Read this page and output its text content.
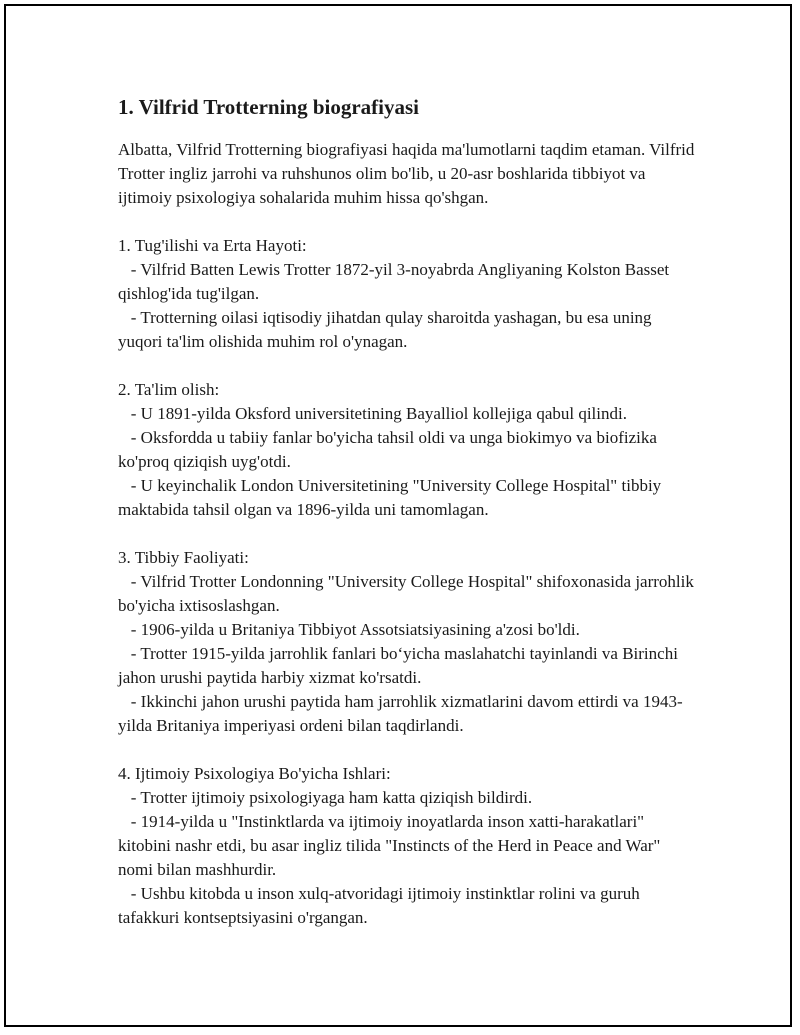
1. Vilfrid Trotterning biografiyasi
Albatta, Vilfrid Trotterning biografiyasi haqida ma'lumotlarni taqdim etaman. Vilfrid Trotter ingliz jarrohi va ruhshunos olim bo'lib, u 20-asr boshlarida tibbiyot va ijtimoiy psixologiya sohalarida muhim hissa qo'shgan.
1. Tug'ilishi va Erta Hayoti:
- Vilfrid Batten Lewis Trotter 1872-yil 3-noyabrda Angliyaning Kolston Basset qishlog'ida tug'ilgan.
- Trotterning oilasi iqtisodiy jihatdan qulay sharoitda yashagan, bu esa uning yuqori ta'lim olishida muhim rol o'ynagan.
2. Ta'lim olish:
- U 1891-yilda Oksford universitetining Bayalliol kollejiga qabul qilindi.
- Oksfordda u tabiiy fanlar bo'yicha tahsil oldi va unga biokimyo va biofizika ko'proq qiziqish uyg'otdi.
- U keyinchalik London Universitetining "University College Hospital" tibbiy maktabida tahsil olgan va 1896-yilda uni tamomlagan.
3. Tibbiy Faoliyati:
- Vilfrid Trotter Londonning "University College Hospital" shifoxonasida jarrohlik bo'yicha ixtisoslashgan.
- 1906-yilda u Britaniya Tibbiyot Assotsiatsiyasining a'zosi bo'ldi.
- Trotter 1915-yilda jarrohlik fanlari bo‘yicha maslahatchi tayinlandi va Birinchi jahon urushi paytida harbiy xizmat ko'rsatdi.
- Ikkinchi jahon urushi paytida ham jarrohlik xizmatlarini davom ettirdi va 1943-yilda Britaniya imperiyasi ordeni bilan taqdirlandi.
4. Ijtimoiy Psixologiya Bo'yicha Ishlari:
- Trotter ijtimoiy psixologiyaga ham katta qiziqish bildirdi.
- 1914-yilda u "Instinktlarda va ijtimoiy inoyatlarda inson xatti-harakatlari" kitobini nashr etdi, bu asar ingliz tilida "Instincts of the Herd in Peace and War" nomi bilan mashhurdir.
- Ushbu kitobda u inson xulq-atvoridagi ijtimoiy instinktlar rolini va guruh tafakkuri kontseptsiyasini o'rgangan.
